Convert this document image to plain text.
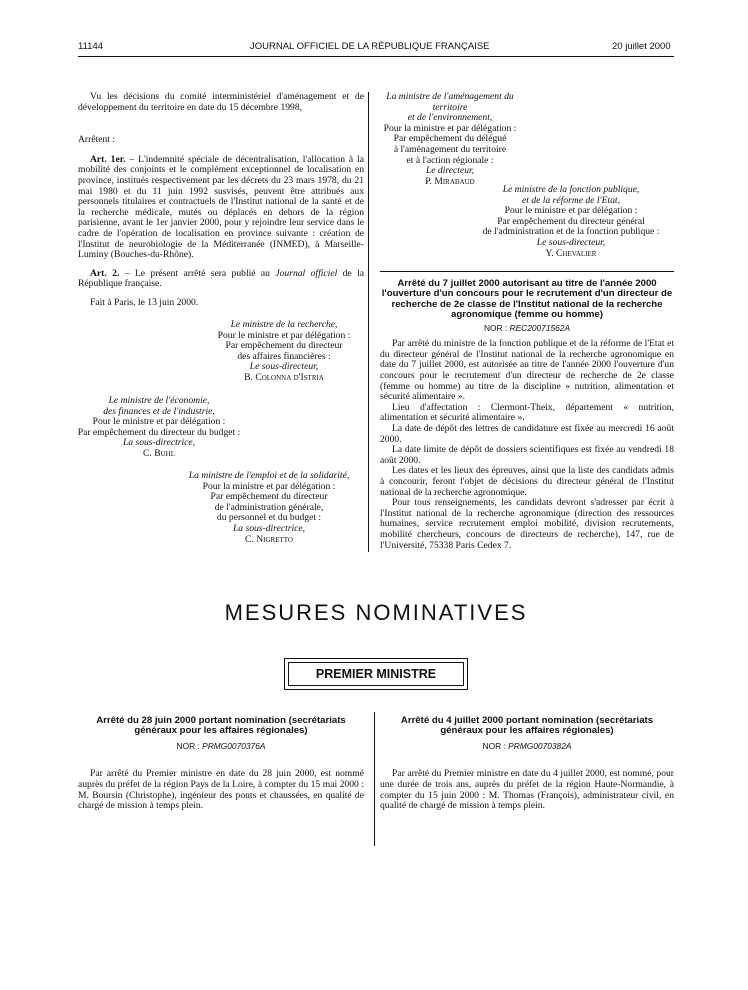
11144	JOURNAL OFFICIEL DE LA RÉPUBLIQUE FRANÇAISE	20 juillet 2000

Vu les décisions du comité interministériel d'aménagement et de développement du territoire en date du 15 décembre 1998,

Arrêtent :

Art. 1er. – L'indemnité spéciale de décentralisation, l'allocation à la mobilité des conjoints et le complément exceptionnel de localisation en province, institués respectivement par les décrets du 23 mars 1978, du 21 mai 1980 et du 11 juin 1992 susvisés, peuvent être attribués aux personnels titulaires et contractuels de l'Institut national de la santé et de la recherche médicale, mutés ou déplacés en dehors de la région parisienne, avant le 1er janvier 2000, pour y rejoindre leur service dans le cadre de l'opération de localisation en province suivante : création de l'Institut de neurobiologie de la Méditerranée (INMED), à Marseille-Luminy (Bouches-du-Rhône).

Art. 2. – Le présent arrêté sera publié au Journal officiel de la République française.

Fait à Paris, le 13 juin 2000.

Le ministre de la recherche,
Pour le ministre et par délégation :
Par empêchement du directeur
des affaires financières :
Le sous-directeur,
B. Colonna d'Istria
Le ministre de l'économie,
des finances et de l'industrie,
Pour le ministre et par délégation :
Par empêchement du directeur du budget :
La sous-directrice,
C. Buhl
La ministre de l'emploi et de la solidarité,
Pour la ministre et par délégation :
Par empêchement du directeur
de l'administration générale,
du personnel et du budget :
La sous-directrice,
C. Nigretto
La ministre de l'aménagement du territoire
et de l'environnement,
Pour la ministre et par délégation :
Par empêchement du délégué
à l'aménagement du territoire
et à l'action régionale :
Le directeur,
P. Mirabaud
Le ministre de la fonction publique,
et de la réforme de l'Etat,
Pour le ministre et par délégation :
Par empêchement du directeur général
de l'administration et de la fonction publique :
Le sous-directeur,
Y. Chevalier
Arrêté du 7 juillet 2000 autorisant au titre de l'année 2000 l'ouverture d'un concours pour le recrutement d'un directeur de recherche de 2e classe de l'Institut national de la recherche agronomique (femme ou homme)
NOR : REC20071562A

Par arrêté du ministre de la fonction publique et de la réforme de l'Etat et du directeur général de l'Institut national de la recherche agronomique en date du 7 juillet 2000, est autorisée au titre de l'année 2000 l'ouverture d'un concours pour le recrutement d'un directeur de recherche de 2e classe (femme ou homme) au titre de la discipline « nutrition, alimentation et sécurité alimentaire ».

Lieu d'affectation : Clermont-Theix, département « nutrition, alimentation et sécurité alimentaire ».

La date de dépôt des lettres de candidature est fixée au mercredi 16 août 2000.

La date limite de dépôt de dossiers scientifiques est fixée au vendredi 18 août 2000.

Les dates et les lieux des épreuves, ainsi que la liste des candidats admis à concourir, feront l'objet de décisions du directeur général de l'Institut national de la recherche agronomique.

Pour tous renseignements, les candidats devront s'adresser par écrit à l'Institut national de la recherche agronomique (direction des ressources humaines, service recrutement emploi mobilité, division recrutements, mobilité chercheurs, concours de directeurs de recherche), 147, rue de l'Université, 75338 Paris Cedex 7.

MESURES NOMINATIVES
PREMIER MINISTRE
Arrêté du 28 juin 2000 portant nomination (secrétariats généraux pour les affaires régionales)
NOR : PRMG0070376A

Par arrêté du Premier ministre en date du 28 juin 2000, est nommé auprès du préfet de la région Pays de la Loire, à compter du 15 mai 2000 : M. Boursin (Christophe), ingénieur des ponts et chaussées, en qualité de chargé de mission à temps plein.

Arrêté du 4 juillet 2000 portant nomination (secrétariats généraux pour les affaires régionales)
NOR : PRMG0070382A

Par arrêté du Premier ministre en date du 4 juillet 2000, est nommé, pour une durée de trois ans, auprès du préfet de la région Haute-Normandie, à compter du 15 juin 2000 : M. Thomas (François), administrateur civil, en qualité de chargé de mission à temps plein.
